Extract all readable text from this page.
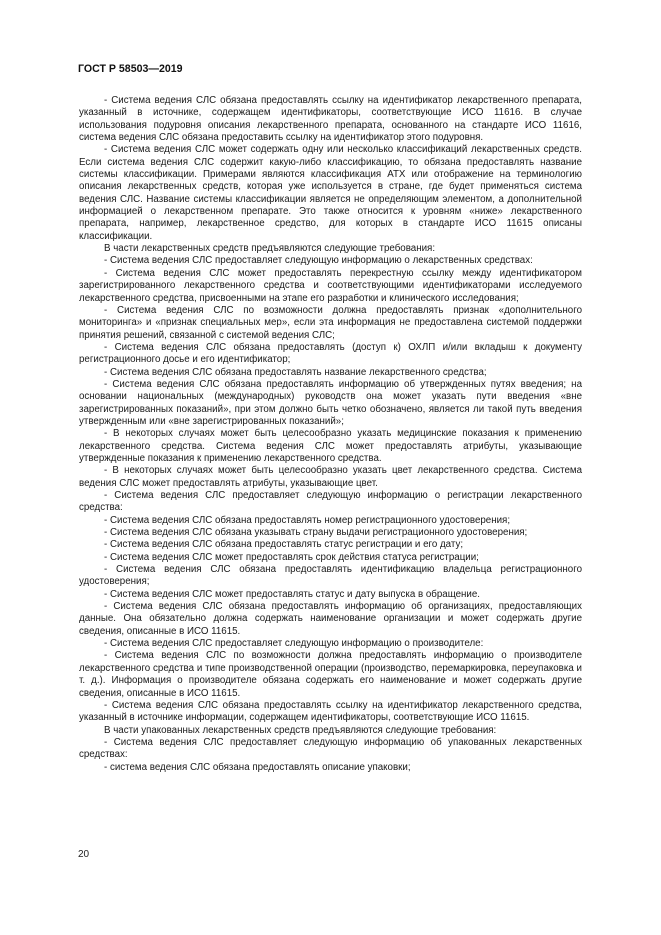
ГОСТ Р 58503—2019

- Система ведения СЛС обязана предоставлять ссылку на идентификатор лекарственного препарата, указанный в источнике, содержащем идентификаторы, соответствующие ИСО 11616. В случае использования подуровня описания лекарственного препарата, основанного на стандарте ИСО 11616, система ведения СЛС обязана предоставить ссылку на идентификатор этого подуровня.

- Система ведения СЛС может содержать одну или несколько классификаций лекарственных средств. Если система ведения СЛС содержит какую-либо классификацию, то обязана предоставлять название системы классификации. Примерами являются классификация АТХ или отображение на терминологию описания лекарственных средств, которая уже используется в стране, где будет применяться система ведения СЛС. Название системы классификации является не определяющим элементом, а дополнительной информацией о лекарственном препарате. Это также относится к уровням «ниже» лекарственного препарата, например, лекарственное средство, для которых в стандарте ИСО 11615 описаны классификации.

В части лекарственных средств предъявляются следующие требования:

- Система ведения СЛС предоставляет следующую информацию о лекарственных средствах:

- Система ведения СЛС может предоставлять перекрестную ссылку между идентификатором зарегистрированного лекарственного средства и соответствующими идентификаторами исследуемого лекарственного средства, присвоенными на этапе его разработки и клинического исследования;

- Система ведения СЛС по возможности должна предоставлять признак «дополнительного мониторинга» и «признак специальных мер», если эта информация не предоставлена системой поддержки принятия решений, связанной с системой ведения СЛС;

- Система ведения СЛС обязана предоставлять (доступ к) ОХЛП и/или вкладыш к документу регистрационного досье и его идентификатор;

- Система ведения СЛС обязана предоставлять название лекарственного средства;

- Система ведения СЛС обязана предоставлять информацию об утвержденных путях введения; на основании национальных (международных) руководств она может указать пути введения «вне зарегистрированных показаний», при этом должно быть четко обозначено, является ли такой путь введения утвержденным или «вне зарегистрированных показаний»;

- В некоторых случаях может быть целесообразно указать медицинские показания к применению лекарственного средства. Система ведения СЛС может предоставлять атрибуты, указывающие утвержденные показания к применению лекарственного средства.

- В некоторых случаях может быть целесообразно указать цвет лекарственного средства. Система ведения СЛС может предоставлять атрибуты, указывающие цвет.

- Система ведения СЛС предоставляет следующую информацию о регистрации лекарственного средства:

- Система ведения СЛС обязана предоставлять номер регистрационного удостоверения;

- Система ведения СЛС обязана указывать страну выдачи регистрационного удостоверения;

- Система ведения СЛС обязана предоставлять статус регистрации и его дату;

- Система ведения СЛС может предоставлять срок действия статуса регистрации;

- Система ведения СЛС обязана предоставлять идентификацию владельца регистрационного удостоверения;

- Система ведения СЛС может предоставлять статус и дату выпуска в обращение.

- Система ведения СЛС обязана предоставлять информацию об организациях, предоставляющих данные. Она обязательно должна содержать наименование организации и может содержать другие сведения, описанные в ИСО 11615.

- Система ведения СЛС предоставляет следующую информацию о производителе:

- Система ведения СЛС по возможности должна предоставлять информацию о производителе лекарственного средства и типе производственной операции (производство, перемаркировка, переупаковка и т. д.). Информация о производителе обязана содержать его наименование и может содержать другие сведения, описанные в ИСО 11615.

- Система ведения СЛС обязана предоставлять ссылку на идентификатор лекарственного средства, указанный в источнике информации, содержащем идентификаторы, соответствующие ИСО 11615.

В части упакованных лекарственных средств предъявляются следующие требования:

- Система ведения СЛС предоставляет следующую информацию об упакованных лекарственных средствах:

- система ведения СЛС обязана предоставлять описание упаковки;

20
